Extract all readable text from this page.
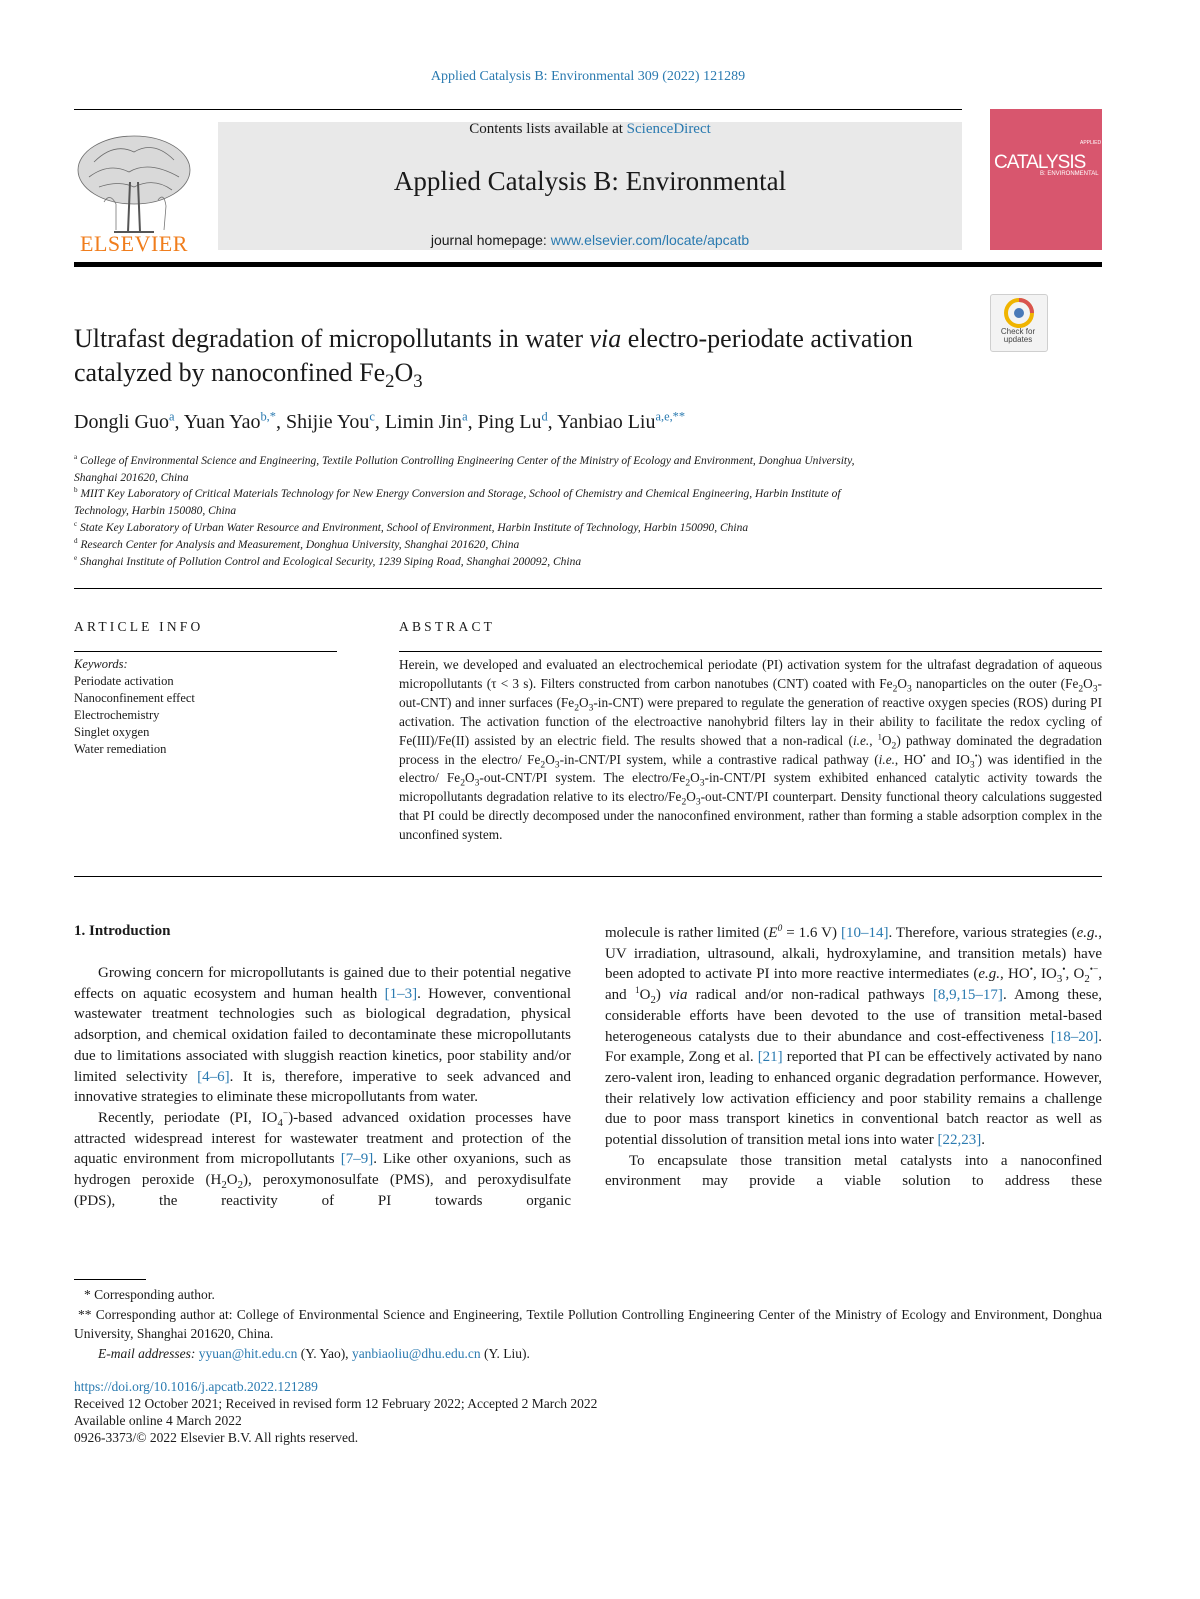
Applied Catalysis B: Environmental 309 (2022) 121289
Contents lists available at ScienceDirect
Applied Catalysis B: Environmental
journal homepage: www.elsevier.com/locate/apcatb
ELSEVIER
APPLIED
CATALYSIS
B: ENVIRONMENTAL
Check for updates
Ultrafast degradation of micropollutants in water via electro-periodate activation catalyzed by nanoconfined $Fe_2O_3$
Dongli Guo$^a$, Yuan Yao$^{b,*}$, Shijie You$^c$, Limin Jin$^a$, Ping Lu$^d$, Yanbiao Liu$^{a,e,**}$
$^a$ College of Environmental Science and Engineering, Textile Pollution Controlling Engineering Center of the Ministry of Ecology and Environment, Donghua University,
Shanghai 201620, China
$^b$ MIIT Key Laboratory of Critical Materials Technology for New Energy Conversion and Storage, School of Chemistry and Chemical Engineering, Harbin Institute of
Technology, Harbin 150080, China
$^c$ State Key Laboratory of Urban Water Resource and Environment, School of Environment, Harbin Institute of Technology, Harbin 150090, China
$^d$ Research Center for Analysis and Measurement, Donghua University, Shanghai 201620, China
$^e$ Shanghai Institute of Pollution Control and Ecological Security, 1239 Siping Road, Shanghai 200092, China
ARTICLE INFO	ABSTRACT
Keywords:
Periodate activation
Nanoconfinement effect
Electrochemistry
Singlet oxygen
Water remediation
Herein, we developed and evaluated an electrochemical periodate (PI) activation system for the ultrafast degradation of aqueous micropollutants (τ < 3 s). Filters constructed from carbon nanotubes (CNT) coated with $Fe_2O_3$ nanoparticles on the outer $(Fe_2O_3-out-CNT)$ and inner surfaces $(Fe_2O_3-in-CNT)$ were prepared to regulate the generation of reactive oxygen species (ROS) during PI activation. The activation function of the electroactive nanohybrid filters lay in their ability to facilitate the redox cycling of Fe(III)/Fe(II) assisted by an electric field. The results showed that a non-radical (i.e., $^1O_2$) pathway dominated the degradation process in the electro/ $Fe_2O_3-in-CNT/PI$ system, while a contrastive radical pathway (i.e., HO• and $IO_3^•$) was identified in the electro/ $Fe_2O_3-out-CNT/PI$ system. The electro/$Fe_2O_3-in-CNT/PI$ system exhibited enhanced catalytic activity towards the micropollutants degradation relative to its electro/$Fe_2O_3-out-CNT/PI$ counterpart. Density functional theory calculations suggested that PI could be directly decomposed under the nanoconfined environment, rather than forming a stable adsorption complex in the unconfined system.
1. Introduction

Growing concern for micropollutants is gained due to their potential negative effects on aquatic ecosystem and human health [1–3]. However, conventional wastewater treatment technologies such as biological degradation, physical adsorption, and chemical oxidation failed to decontaminate these micropollutants due to limitations associated with sluggish reaction kinetics, poor stability and/or limited selectivity [4–6]. It is, therefore, imperative to seek advanced and innovative strategies to eliminate these micropollutants from water.

Recently, periodate (PI, $IO_4^-$)-based advanced oxidation processes have attracted widespread interest for wastewater treatment and protection of the aquatic environment from micropollutants [7–9]. Like other oxyanions, such as hydrogen peroxide $(H_2O_2)$, peroxymonosulfate (PMS), and peroxydisulfate (PDS), the reactivity of PI towards organic

molecule is rather limited ($E^0 = 1.6$ V) [10–14]. Therefore, various strategies (e.g., UV irradiation, ultrasound, alkali, hydroxylamine, and transition metals) have been adopted to activate PI into more reactive intermediates (e.g., HO•, $IO_3^•$, $O_2^{•-}$, and $^1O_2$) via radical and/or non-radical pathways [8,9,15–17]. Among these, considerable efforts have been devoted to the use of transition metal-based heterogeneous catalysts due to their abundance and cost-effectiveness [18–20]. For example, Zong et al. [21] reported that PI can be effectively activated by nano zero-valent iron, leading to enhanced organic degradation performance. However, their relatively low activation efficiency and poor stability remains a challenge due to poor mass transport kinetics in conventional batch reactor as well as potential dissolution of transition metal ions into water [22,23].

To encapsulate those transition metal catalysts into a nanoconfined environment may provide a viable solution to address these

* Corresponding author.

** Corresponding author at: College of Environmental Science and Engineering, Textile Pollution Controlling Engineering Center of the Ministry of Ecology and Environment, Donghua University, Shanghai 201620, China.

E-mail addresses: yyuan@hit.edu.cn (Y. Yao), yanbiaoliu@dhu.edu.cn (Y. Liu).

https://doi.org/10.1016/j.apcatb.2022.121289
Received 12 October 2021; Received in revised form 12 February 2022; Accepted 2 March 2022
Available online 4 March 2022
0926-3373/© 2022 Elsevier B.V. All rights reserved.
